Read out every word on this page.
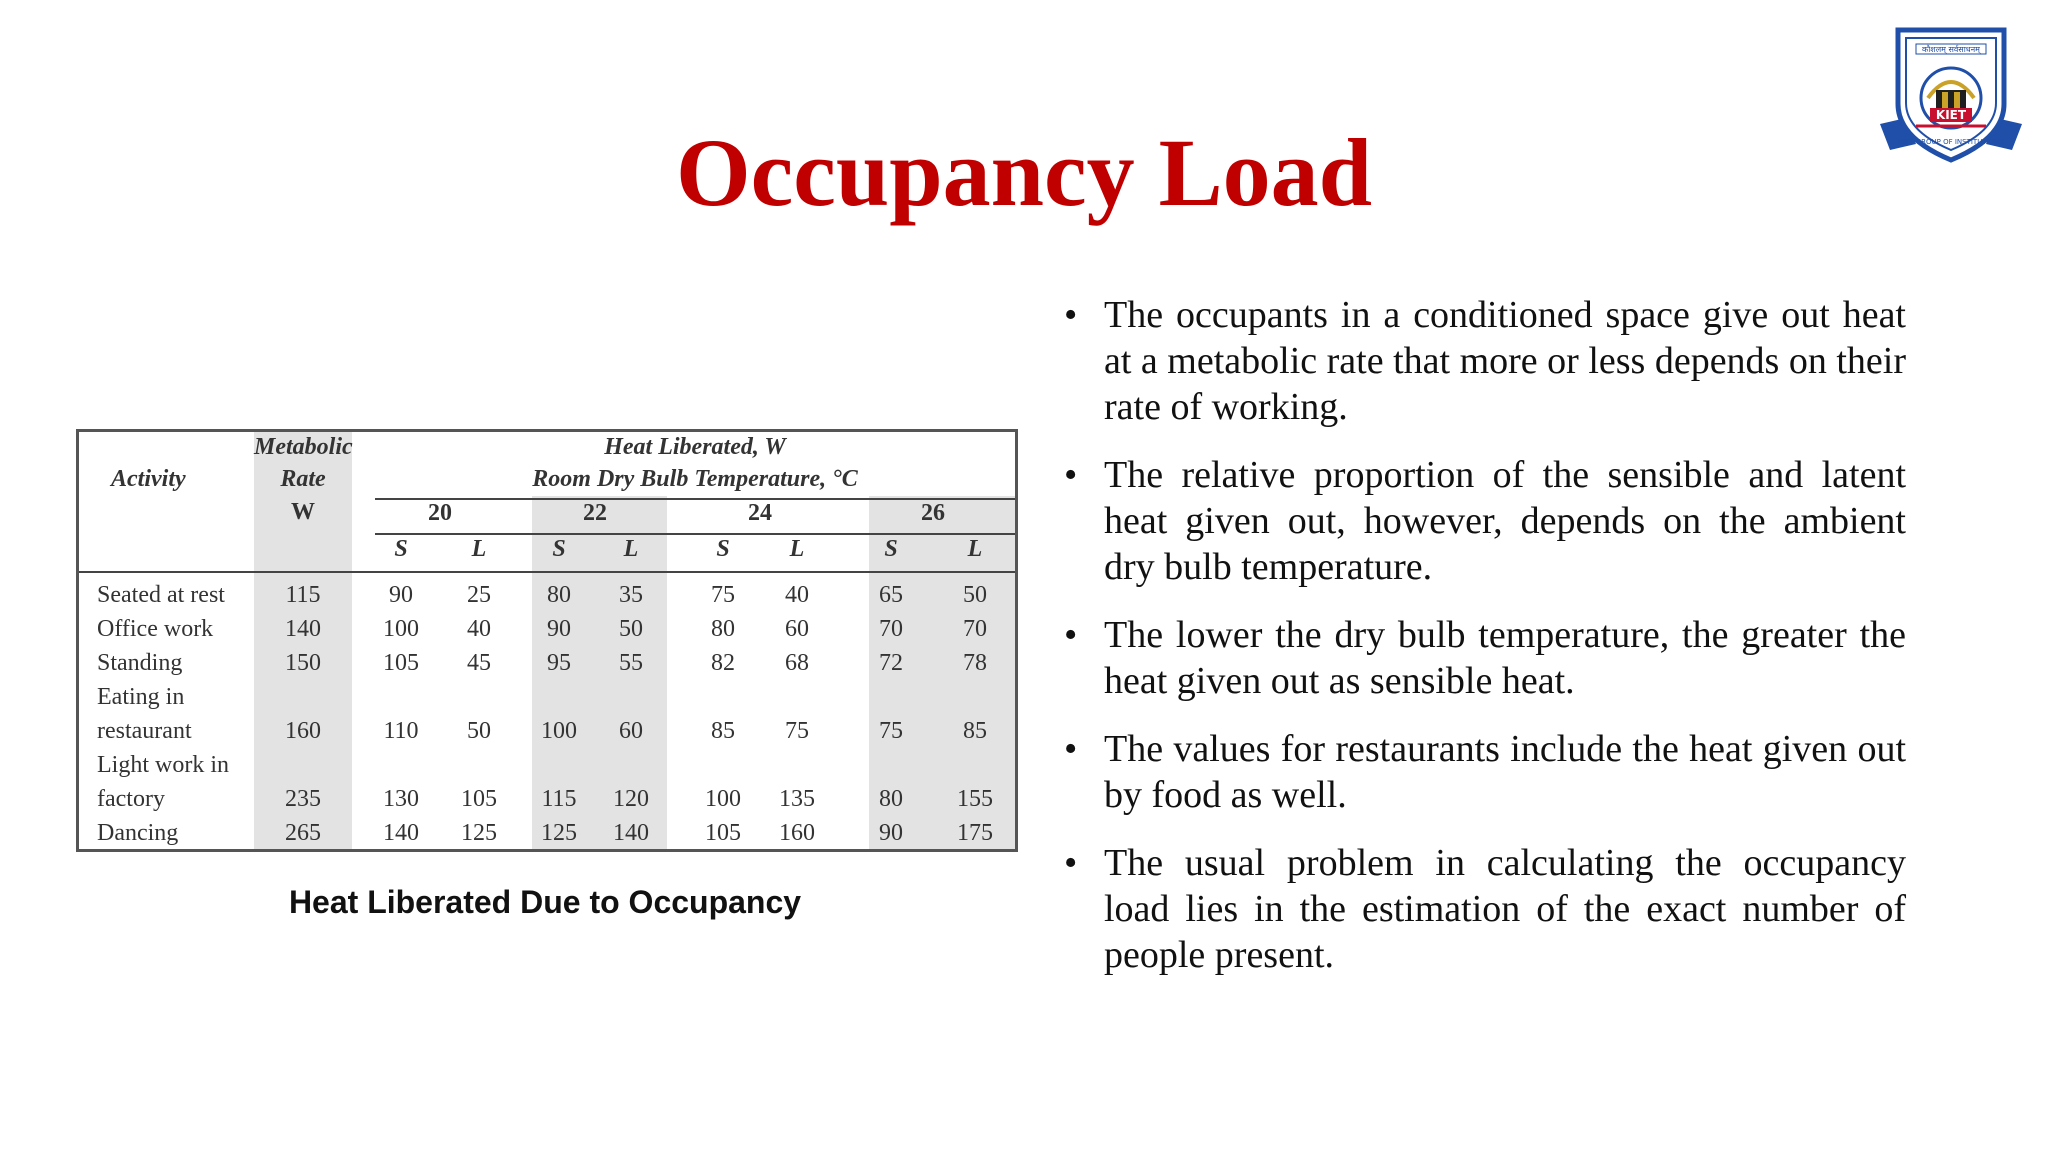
Occupancy Load
कौशलम् सर्वसाधनम्
KIET
KIET GROUP OF INSTITUTIONS
Activity
Metabolic
Rate
W
Heat Liberated, W
Room Dry Bulb Temperature, °C
20	22	24	26
S	L	S	L	S	L	S	L
Seated at rest	115	90	25	80	35	75	40	65	50
Office work	140	100	40	90	50	80	60	70	70
Standing	150	105	45	95	55	82	68	72	78
Eating in
restaurant	160	110	50	100	60	85	75	75	85
Light work in
factory	235	130	105	115	120	100	135	80	155
Dancing	265	140	125	125	140	105	160	90	175
Heat Liberated Due to Occupancy
• The occupants in a conditioned space give out heat at a metabolic rate that more or less depends on their rate of working.
• The relative proportion of the sensible and latent heat given out, however, depends on the ambient dry bulb temperature.
• The lower the dry bulb temperature, the greater the heat given out as sensible heat.
• The values for restaurants include the heat given out by food as well.
• The usual problem in calculating the occupancy load lies in the estimation of the exact number of people present.
